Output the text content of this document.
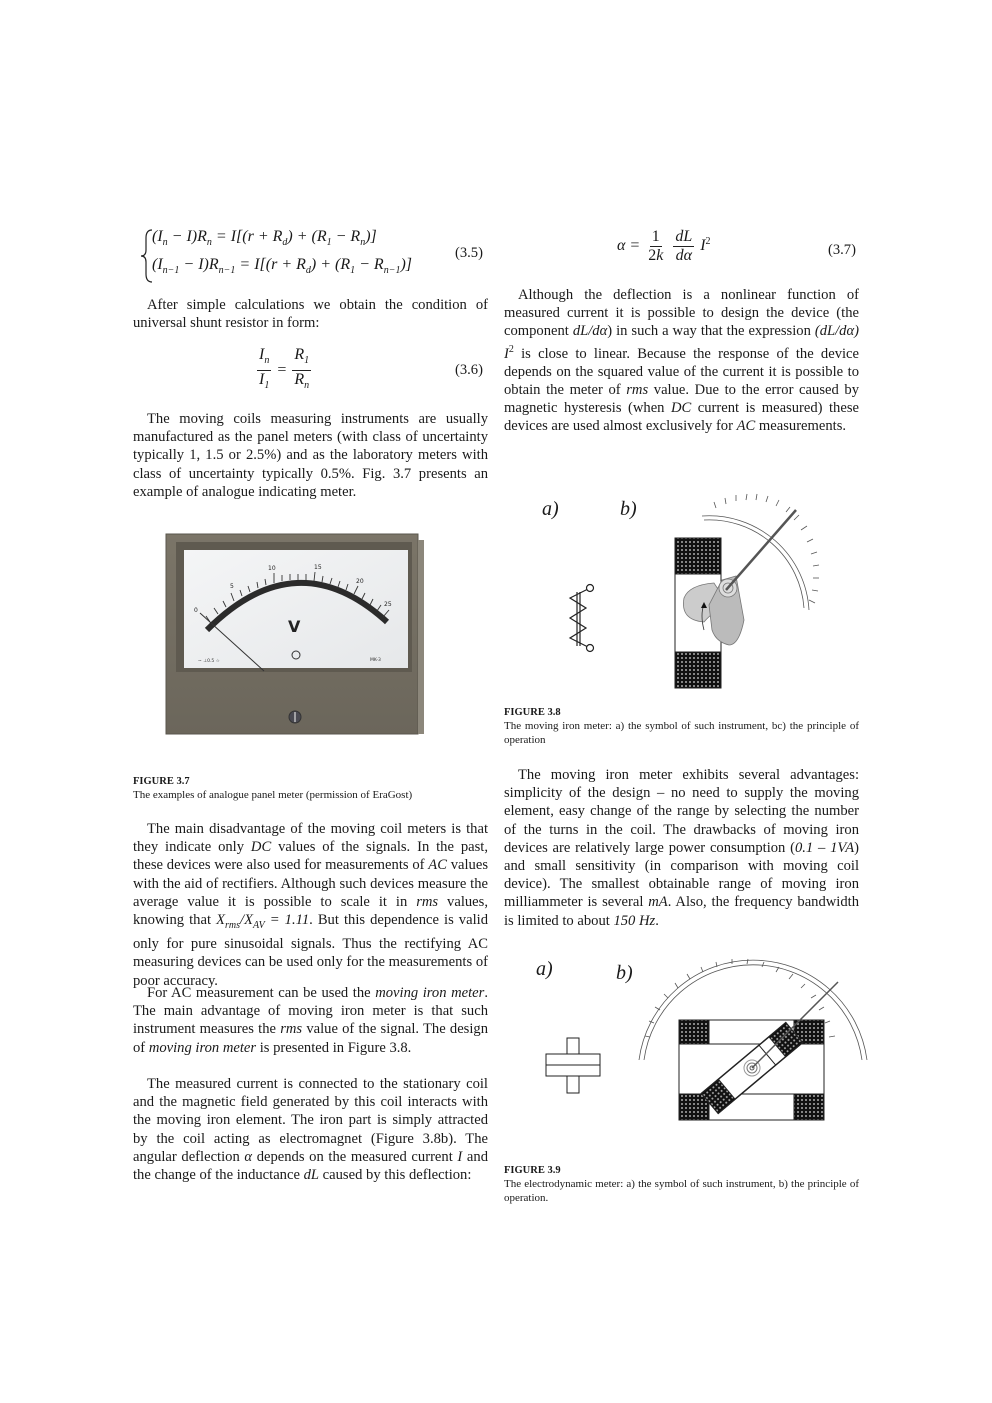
$(I_n - I)R_n = I[(r + R_d) + (R_1 - R_n)]$
$(I_{n-1} - I)R_{n-1} = I[(r + R_d) + (R_1 - R_{n-1})]$
(3.5)

After simple calculations we obtain the condition of universal shunt resistor in form:

$\frac{I_n}{I_1} = \frac{R_1}{R_n}$	(3.6)

The moving coils measuring instruments are usually manufactured as the panel meters (with class of uncertainty typically 1, 1.5 or 2.5%) and as the laboratory meters with class of uncertainty typically 0.5%. Fig. 3.7 presents an example of analogue indicating meter.

0
5
10	15
20
25
V
MK-3
~ ⊥0.5 ☆

FIGURE 3.7

The examples of analogue panel meter (permission of EraGost)

The main disadvantage of the moving coil meters is that they indicate only DC values of the signals. In the past, these devices were also used for measurements of AC values with the aid of rectifiers. Although such devices measure the average value it is possible to scale it in rms values, knowing that $X_{rms}/X_{AV} = 1.11$. But this dependence is valid only for pure sinusoidal signals. Thus the rectifying AC measuring devices can be used only for the measurements of poor accuracy.

For AC measurement can be used the moving iron meter. The main advantage of moving iron meter is that such instrument measures the rms value of the signal. The design of moving iron meter is presented in Figure 3.8.

The measured current is connected to the stationary coil and the magnetic field generated by this coil interacts with the moving iron element. The iron part is simply attracted by the coil acting as electromagnet (Figure 3.8b). The angular deflection α depends on the measured current I and the change of the inductance dL caused by this deflection:

$\alpha = \frac{1}{2k}$
$\frac{dL}{d\alpha} I^2$
(3.7)

Although the deflection is a nonlinear function of measured current it is possible to design the device (the component dL/dα) in such a way that the expression (dL/dα) $I^2$ is close to linear. Because the response of the device depends on the squared value of the current it is possible to obtain the meter of rms value. Due to the error caused by magnetic hysteresis (when DC current is measured) these devices are used almost exclusively for AC measurements.

a)	b)

FIGURE 3.8

The moving iron meter: a) the symbol of such instrument, bc) the principle of operation

The moving iron meter exhibits several advantages: simplicity of the design – no need to supply the moving element, easy change of the range by selecting the number of the turns in the coil. The drawbacks of moving iron devices are relatively large power consumption (0.1 – 1VA) and small sensitivity (in comparison with moving coil device). The smallest obtainable range of moving iron milliammeter is several mA. Also, the frequency bandwidth is limited to about 150 Hz.

a)	b)

FIGURE 3.9

The electrodynamic meter: a) the symbol of such instrument, b) the principle of operation.
